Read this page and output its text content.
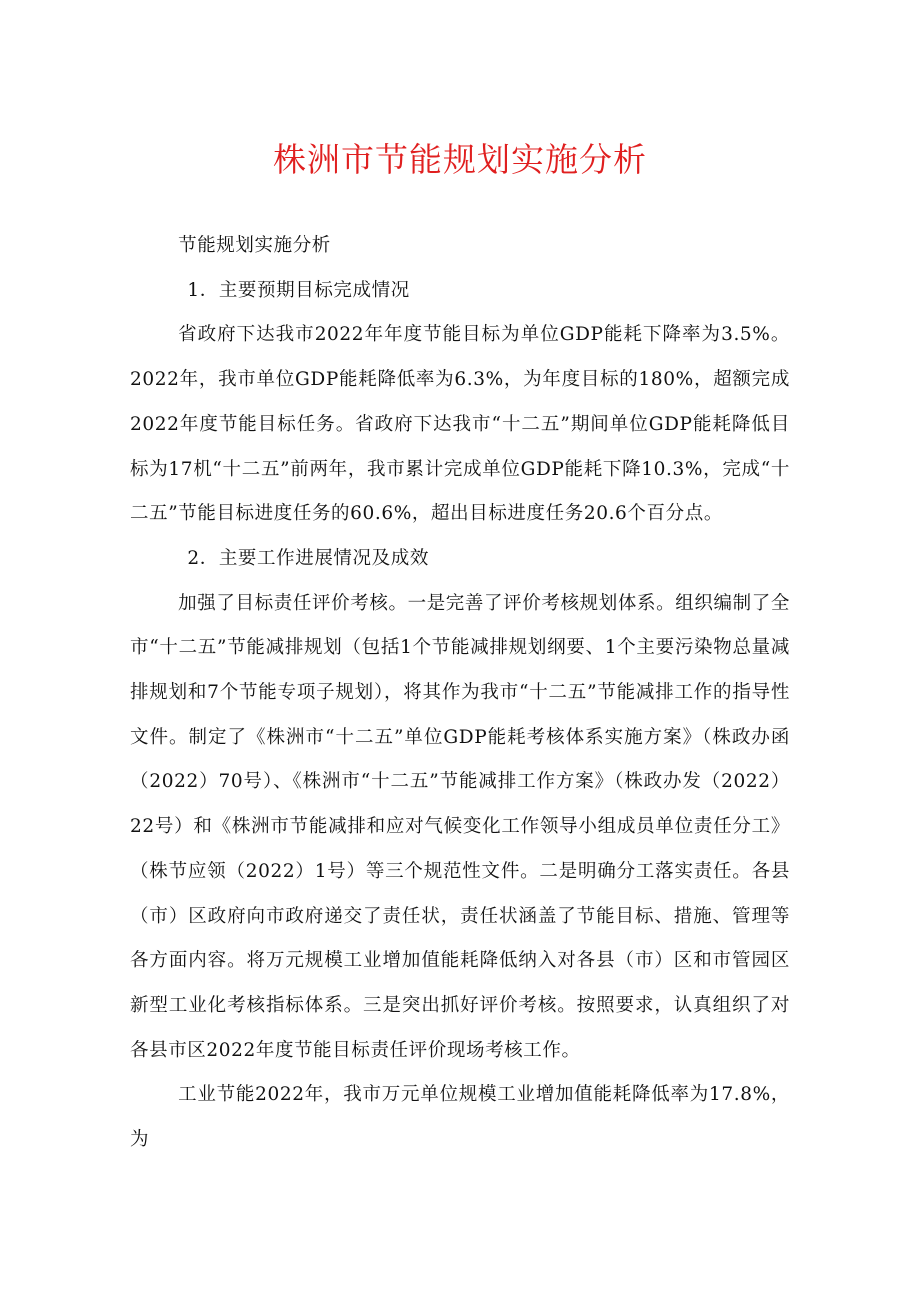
株洲市节能规划实施分析

节能规划实施分析

1．主要预期目标完成情况

省政府下达我市2022年年度节能目标为单位GDP能耗下降率为3.5%。2022年，我市单位GDP能耗降低率为6.3%，为年度目标的180%，超额完成2022年度节能目标任务。省政府下达我市“十二五”期间单位GDP能耗降低目标为17机“十二五”前两年，我市累计完成单位GDP能耗下降10.3%，完成“十二五”节能目标进度任务的60.6%，超出目标进度任务20.6个百分点。

2．主要工作进展情况及成效

加强了目标责任评价考核。一是完善了评价考核规划体系。组织编制了全市“十二五”节能减排规划（包括1个节能减排规划纲要、1个主要污染物总量减排规划和7个节能专项子规划），将其作为我市“十二五”节能减排工作的指导性文件。制定了《株洲市“十二五”单位GDP能耗考核体系实施方案》（株政办函（2022）70号）、《株洲市“十二五”节能减排工作方案》（株政办发（2022）22号）和《株洲市节能减排和应对气候变化工作领导小组成员单位责任分工》（株节应领（2022）1号）等三个规范性文件。二是明确分工落实责任。各县（市）区政府向市政府递交了责任状，责任状涵盖了节能目标、措施、管理等各方面内容。将万元规模工业增加值能耗降低纳入对各县（市）区和市管园区新型工业化考核指标体系。三是突出抓好评价考核。按照要求，认真组织了对各县市区2022年度节能目标责任评价现场考核工作。

工业节能2022年，我市万元单位规模工业增加值能耗降低率为17.8%，为
